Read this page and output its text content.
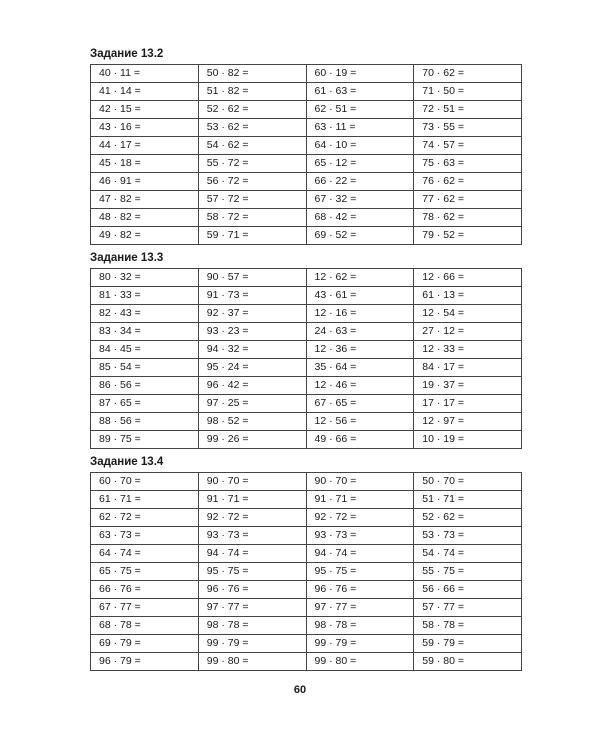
Задание 13.2
40 · 11 =	50 · 82 =	60 · 19 =	70 · 62 =
41 · 14 =	51 · 82 =	61 · 63 =	71 · 50 =
42 · 15 =	52 · 62 =	62 · 51 =	72 · 51 =
43 · 16 =	53 · 62 =	63 · 11 =	73 · 55 =
44 · 17 =	54 · 62 =	64 · 10 =	74 · 57 =
45 · 18 =	55 · 72 =	65 · 12 =	75 · 63 =
46 · 91 =	56 · 72 =	66 · 22 =	76 · 62 =
47 · 82 =	57 · 72 =	67 · 32 =	77 · 62 =
48 · 82 =	58 · 72 =	68 · 42 =	78 · 62 =
49 · 82 =	59 · 71 =	69 · 52 =	79 · 52 =
Задание 13.3
80 · 32 =	90 · 57 =	12 · 62 =	12 · 66 =
81 · 33 =	91 · 73 =	43 · 61 =	61 · 13 =
82 · 43 =	92 · 37 =	12 · 16 =	12 · 54 =
83 · 34 =	93 · 23 =	24 · 63 =	27 · 12 =
84 · 45 =	94 · 32 =	12 · 36 =	12 · 33 =
85 · 54 =	95 · 24 =	35 · 64 =	84 · 17 =
86 · 56 =	96 · 42 =	12 · 46 =	19 · 37 =
87 · 65 =	97 · 25 =	67 · 65 =	17 · 17 =
88 · 56 =	98 · 52 =	12 · 56 =	12 · 97 =
89 · 75 =	99 · 26 =	49 · 66 =	10 · 19 =
Задание 13.4
60 · 70 =	90 · 70 =	90 · 70 =	50 · 70 =
61 · 71 =	91 · 71 =	91 · 71 =	51 · 71 =
62 · 72 =	92 · 72 =	92 · 72 =	52 · 62 =
63 · 73 =	93 · 73 =	93 · 73 =	53 · 73 =
64 · 74 =	94 · 74 =	94 · 74 =	54 · 74 =
65 · 75 =	95 · 75 =	95 · 75 =	55 · 75 =
66 · 76 =	96 · 76 =	96 · 76 =	56 · 66 =
67 · 77 =	97 · 77 =	97 · 77 =	57 · 77 =
68 · 78 =	98 · 78 =	98 · 78 =	58 · 78 =
69 · 79 =	99 · 79 =	99 · 79 =	59 · 79 =
96 · 79 =	99 · 80 =	99 · 80 =	59 · 80 =
60
